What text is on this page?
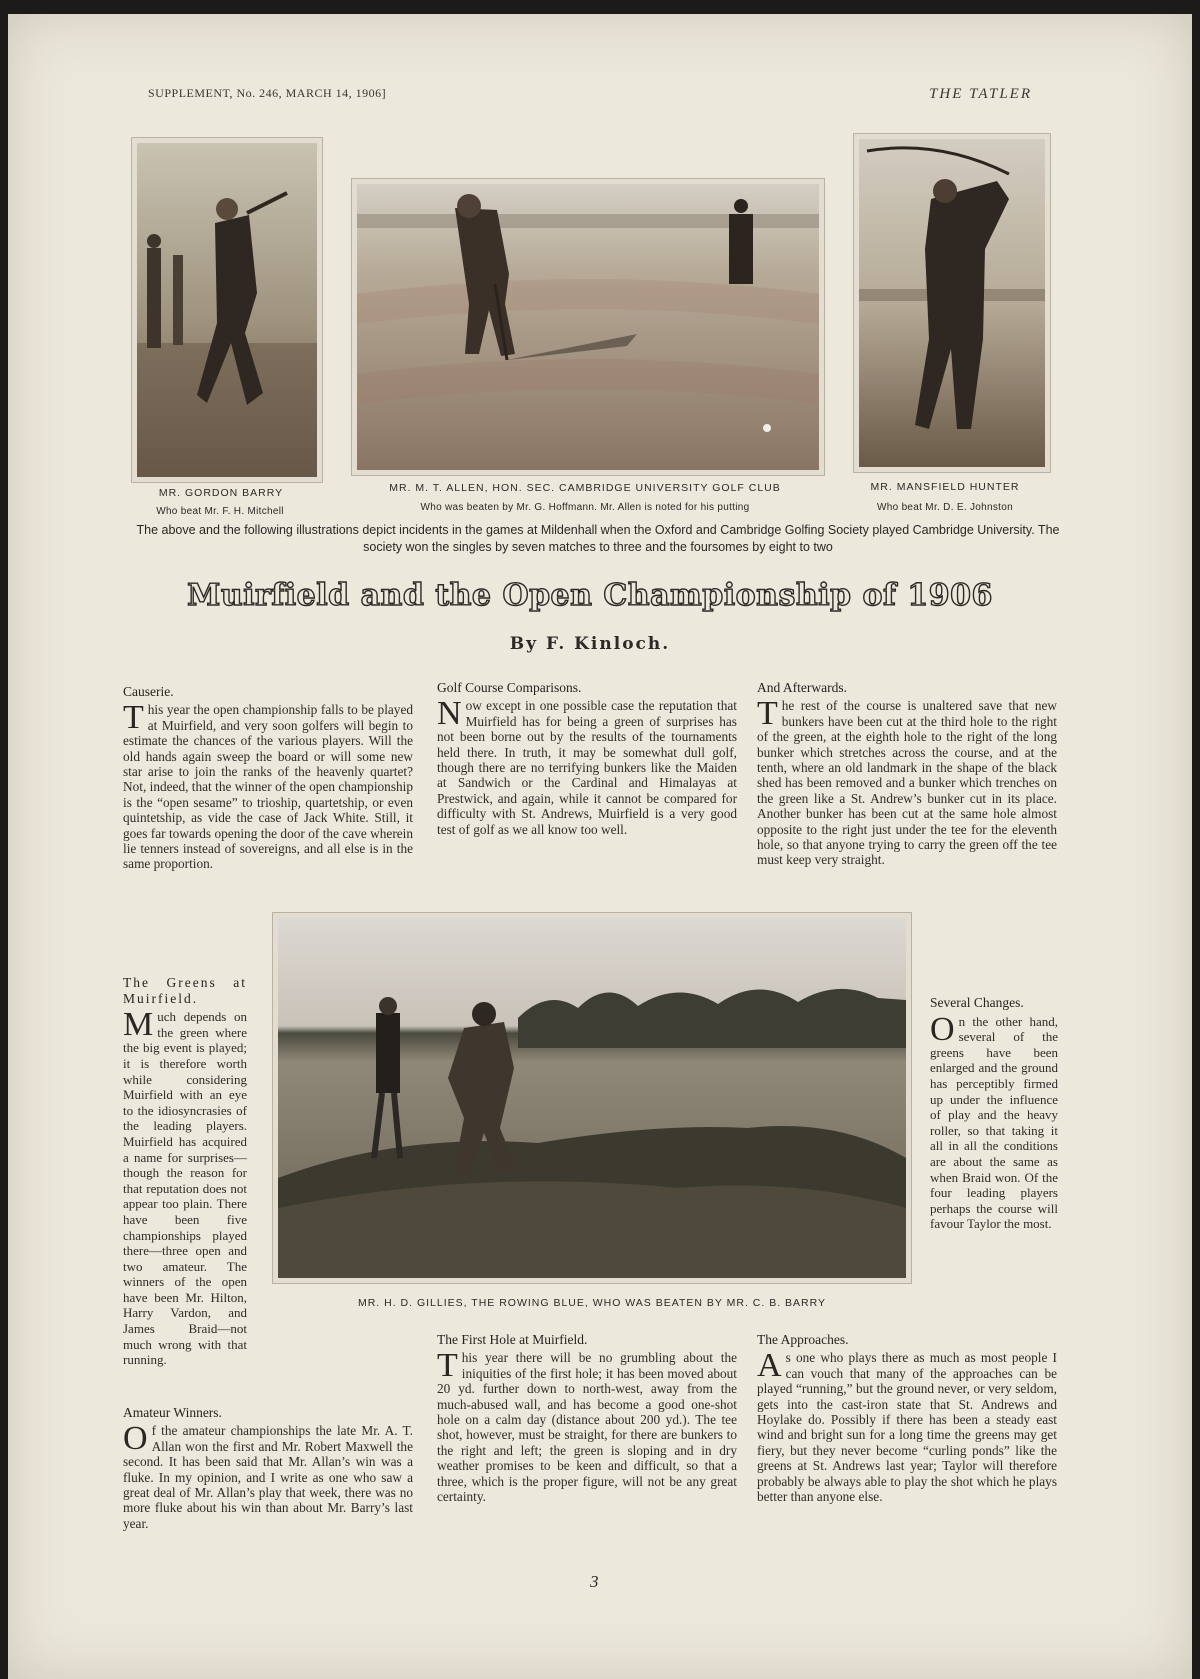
SUPPLEMENT, No. 246, MARCH 14, 1906]	THE TATLER
MR. GORDON BARRY
Who beat Mr. F. H. Mitchell
MR. M. T. ALLEN, HON. SEC. CAMBRIDGE UNIVERSITY GOLF CLUB
Who was beaten by Mr. G. Hoffmann. Mr. Allen is noted for his putting
MR. MANSFIELD HUNTER
Who beat Mr. D. E. Johnston
The above and the following illustrations depict incidents in the games at Mildenhall when the Oxford and Cambridge Golfing Society played Cambridge University. The society won the singles by seven matches to three and the foursomes by eight to two
Muirfield and the Open Championship of 1906
By F. Kinloch.
Causerie.

This year the open championship falls to be played at Muirfield, and very soon golfers will begin to estimate the chances of the various players. Will the old hands again sweep the board or will some new star arise to join the ranks of the heavenly quartet? Not, indeed, that the winner of the open championship is the “open sesame” to trioship, quartetship, or even quintetship, as vide the case of Jack White. Still, it goes far towards opening the door of the cave wherein lie tenners instead of sovereigns, and all else is in the same proportion.

The Greens at Muirfield.

Much depends on the green where the big event is played; it is therefore worth while considering Muirfield with an eye to the idiosyncrasies of the leading players. Muirfield has acquired a name for surprises—though the reason for that reputation does not appear too plain. There have been five championships played there—three open and two amateur. The winners of the open have been Mr. Hilton, Harry Vardon, and James Braid—not much wrong with that running.

Amateur Winners.

Of the amateur championships the late Mr. A. T. Allan won the first and Mr. Robert Maxwell the second. It has been said that Mr. Allan’s win was a fluke. In my opinion, and I write as one who saw a great deal of Mr. Allan’s play that week, there was no more fluke about his win than about Mr. Barry’s last year.

Golf Course Comparisons.

Now except in one possible case the reputation that Muirfield has for being a green of surprises has not been borne out by the results of the tournaments held there. In truth, it may be somewhat dull golf, though there are no terrifying bunkers like the Maiden at Sandwich or the Cardinal and Himalayas at Prestwick, and again, while it cannot be compared for difficulty with St. Andrews, Muirfield is a very good test of golf as we all know too well.

The First Hole at Muirfield.

This year there will be no grumbling about the iniquities of the first hole; it has been moved about 20 yd. further down to north-west, away from the much-abused wall, and has become a good one-shot hole on a calm day (distance about 200 yd.). The tee shot, however, must be straight, for there are bunkers to the right and left; the green is sloping and in dry weather promises to be keen and difficult, so that a three, which is the proper figure, will not be any great certainty.

And Afterwards.

The rest of the course is unaltered save that new bunkers have been cut at the third hole to the right of the green, at the eighth hole to the right of the long bunker which stretches across the course, and at the tenth, where an old landmark in the shape of the black shed has been removed and a bunker which trenches on the green like a St. Andrew’s bunker cut in its place. Another bunker has been cut at the same hole almost opposite to the right just under the tee for the eleventh hole, so that anyone trying to carry the green off the tee must keep very straight.

Several Changes.

On the other hand, several of the greens have been enlarged and the ground has perceptibly firmed up under the influence of play and the heavy roller, so that taking it all in all the conditions are about the same as when Braid won. Of the four leading players perhaps the course will favour Taylor the most.

The Approaches.

As one who plays there as much as most people I can vouch that many of the approaches can be played “running,” but the ground never, or very seldom, gets into the cast-iron state that St. Andrews and Hoylake do. Possibly if there has been a steady east wind and bright sun for a long time the greens may get fiery, but they never become “curling ponds” like the greens at St. Andrews last year; Taylor will therefore probably be always able to play the shot which he plays better than anyone else.

MR. H. D. GILLIES, THE ROWING BLUE, WHO WAS BEATEN BY MR. C. B. BARRY
3
